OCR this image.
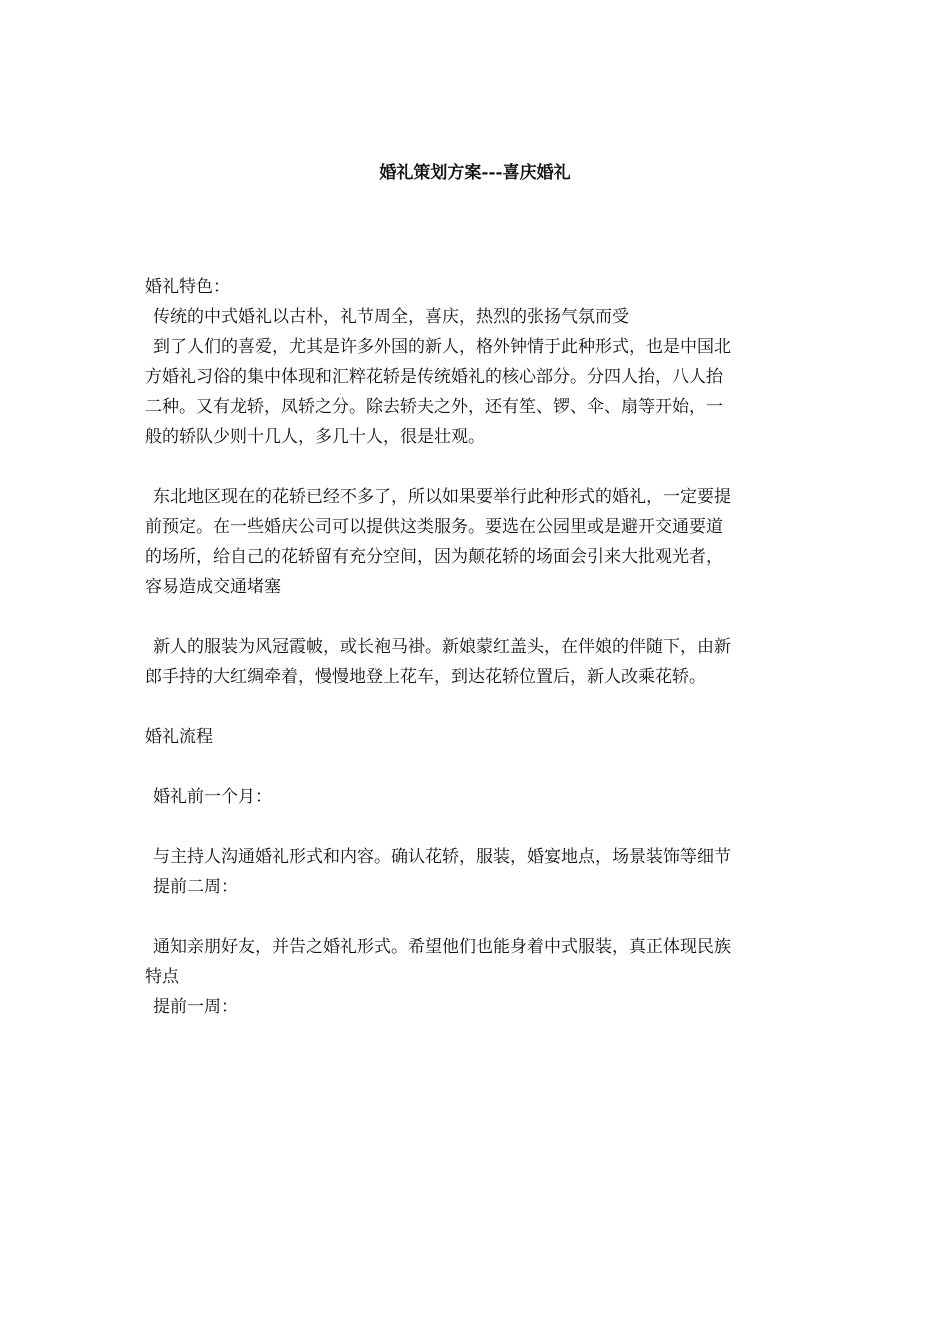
婚礼策划方案---喜庆婚礼
婚礼特色：
传统的中式婚礼以古朴，礼节周全，喜庆，热烈的张扬气氛而受
到了人们的喜爱，尤其是许多外国的新人，格外钟情于此种形式，也是中国北
方婚礼习俗的集中体现和汇粹花轿是传统婚礼的核心部分。分四人抬，八人抬
二种。又有龙轿，凤轿之分。除去轿夫之外，还有笙、锣、伞、扇等开始，一
般的轿队少则十几人，多几十人，很是壮观。
东北地区现在的花轿已经不多了，所以如果要举行此种形式的婚礼，一定要提
前预定。在一些婚庆公司可以提供这类服务。要选在公园里或是避开交通要道
的场所，给自己的花轿留有充分空间，因为颠花轿的场面会引来大批观光者，
容易造成交通堵塞
新人的服装为风冠霞帔，或长袍马褂。新娘蒙红盖头，在伴娘的伴随下，由新
郎手持的大红绸牵着，慢慢地登上花车，到达花轿位置后，新人改乘花轿。
婚礼流程
婚礼前一个月：
与主持人沟通婚礼形式和内容。确认花轿，服装，婚宴地点，场景装饰等细节
提前二周：
通知亲朋好友，并告之婚礼形式。希望他们也能身着中式服装，真正体现民族
特点
提前一周：
